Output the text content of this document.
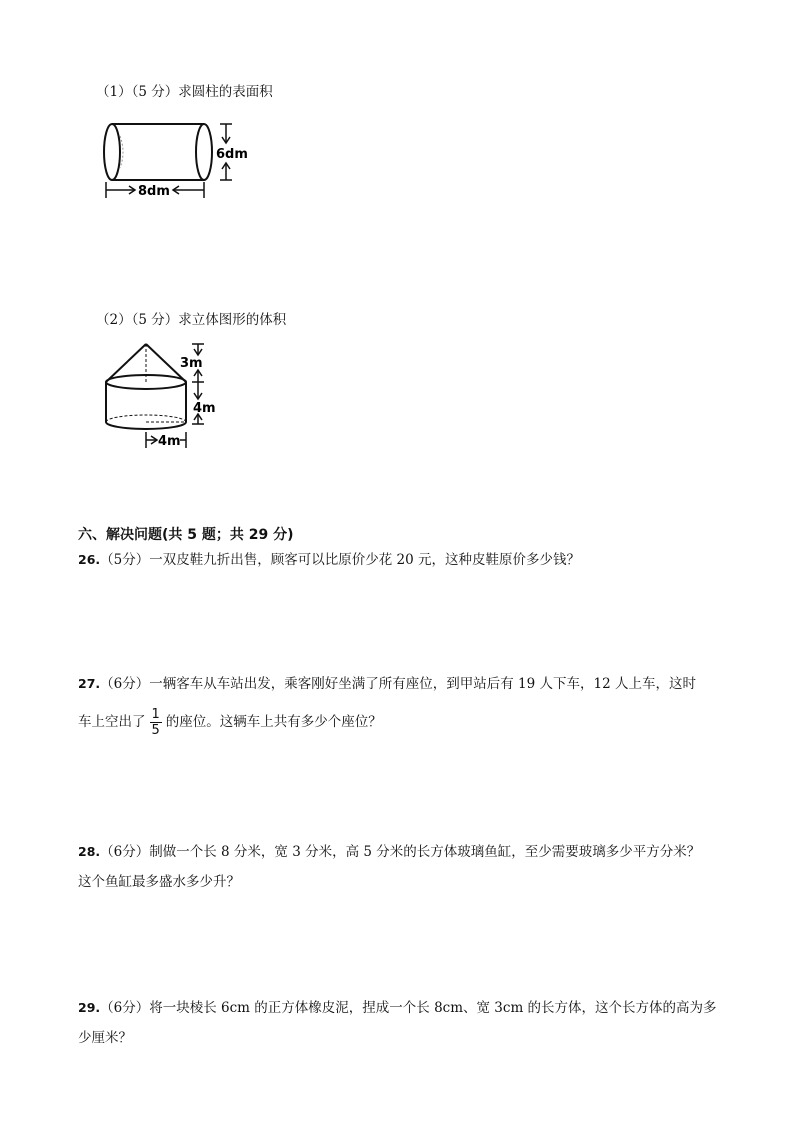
（1）（5 分）求圆柱的表面积
6dm
8dm
（2）（5 分）求立体图形的体积
3m
4m
4m
六、解决问题(共 5 题；共 29 分)
26.（5分）一双皮鞋九折出售，顾客可以比原价少花 20 元，这种皮鞋原价多少钱？
27.（6分）一辆客车从车站出发，乘客刚好坐满了所有座位，到甲站后有 19 人下车，12 人上车，这时
车上空出了 $\frac{1}{5}$ 的座位。这辆车上共有多少个座位？
28.（6分）制做一个长 8 分米，宽 3 分米，高 5 分米的长方体玻璃鱼缸，至少需要玻璃多少平方分米？
这个鱼缸最多盛水多少升？
29.（6分）将一块棱长 6cm 的正方体橡皮泥，捏成一个长 8cm、宽 3cm 的长方体，这个长方体的高为多
少厘米？
